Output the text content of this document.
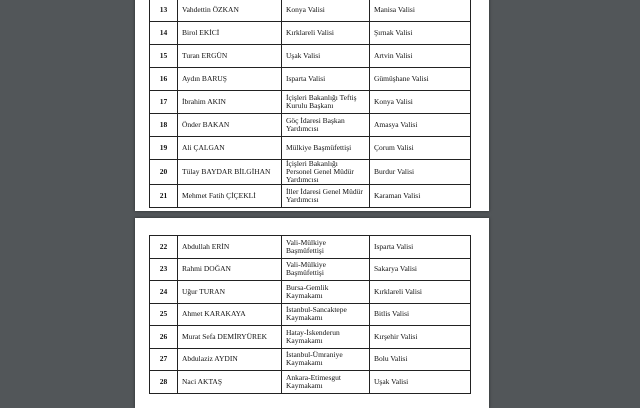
13	Vahdettin ÖZKAN	Konya Valisi	Manisa Valisi
14	Birol EKİCİ	Kırklareli Valisi	Şırnak Valisi
15	Turan ERGÜN	Uşak Valisi	Artvin Valisi
16	Aydın BARUŞ	Isparta Valisi	Gümüşhane Valisi
17	İbrahim AKIN	İçişleri Bakanlığı Teftiş Kurulu Başkanı	Konya Valisi
18	Önder BAKAN	Göç İdaresi Başkan Yardımcısı	Amasya Valisi
19	Ali ÇALGAN	Mülkiye Başmüfettişi	Çorum Valisi
20	Tülay BAYDAR BİLGİHAN	İçişleri Bakanlığı Personel Genel Müdür Yardımcısı	Burdur Valisi
21	Mehmet Fatih ÇİÇEKLİ	İller İdaresi Genel Müdür Yardımcısı	Karaman Valisi
22	Abdullah ERİN	Vali-Mülkiye Başmüfettişi	Isparta Valisi
23	Rahmi DOĞAN	Vali-Mülkiye Başmüfettişi	Sakarya Valisi
24	Uğur TURAN	Bursa-Gemlik Kaymakamı	Kırklareli Valisi
25	Ahmet KARAKAYA	İstanbul-Sancaktepe Kaymakamı	Bitlis Valisi
26	Murat Sefa DEMİRYÜREK	Hatay-İskenderun Kaymakamı	Kırşehir Valisi
27	Abdulaziz AYDIN	İstanbul-Ümraniye Kaymakamı	Bolu Valisi
28	Naci AKTAŞ	Ankara-Etimesgut Kaymakamı	Uşak Valisi
